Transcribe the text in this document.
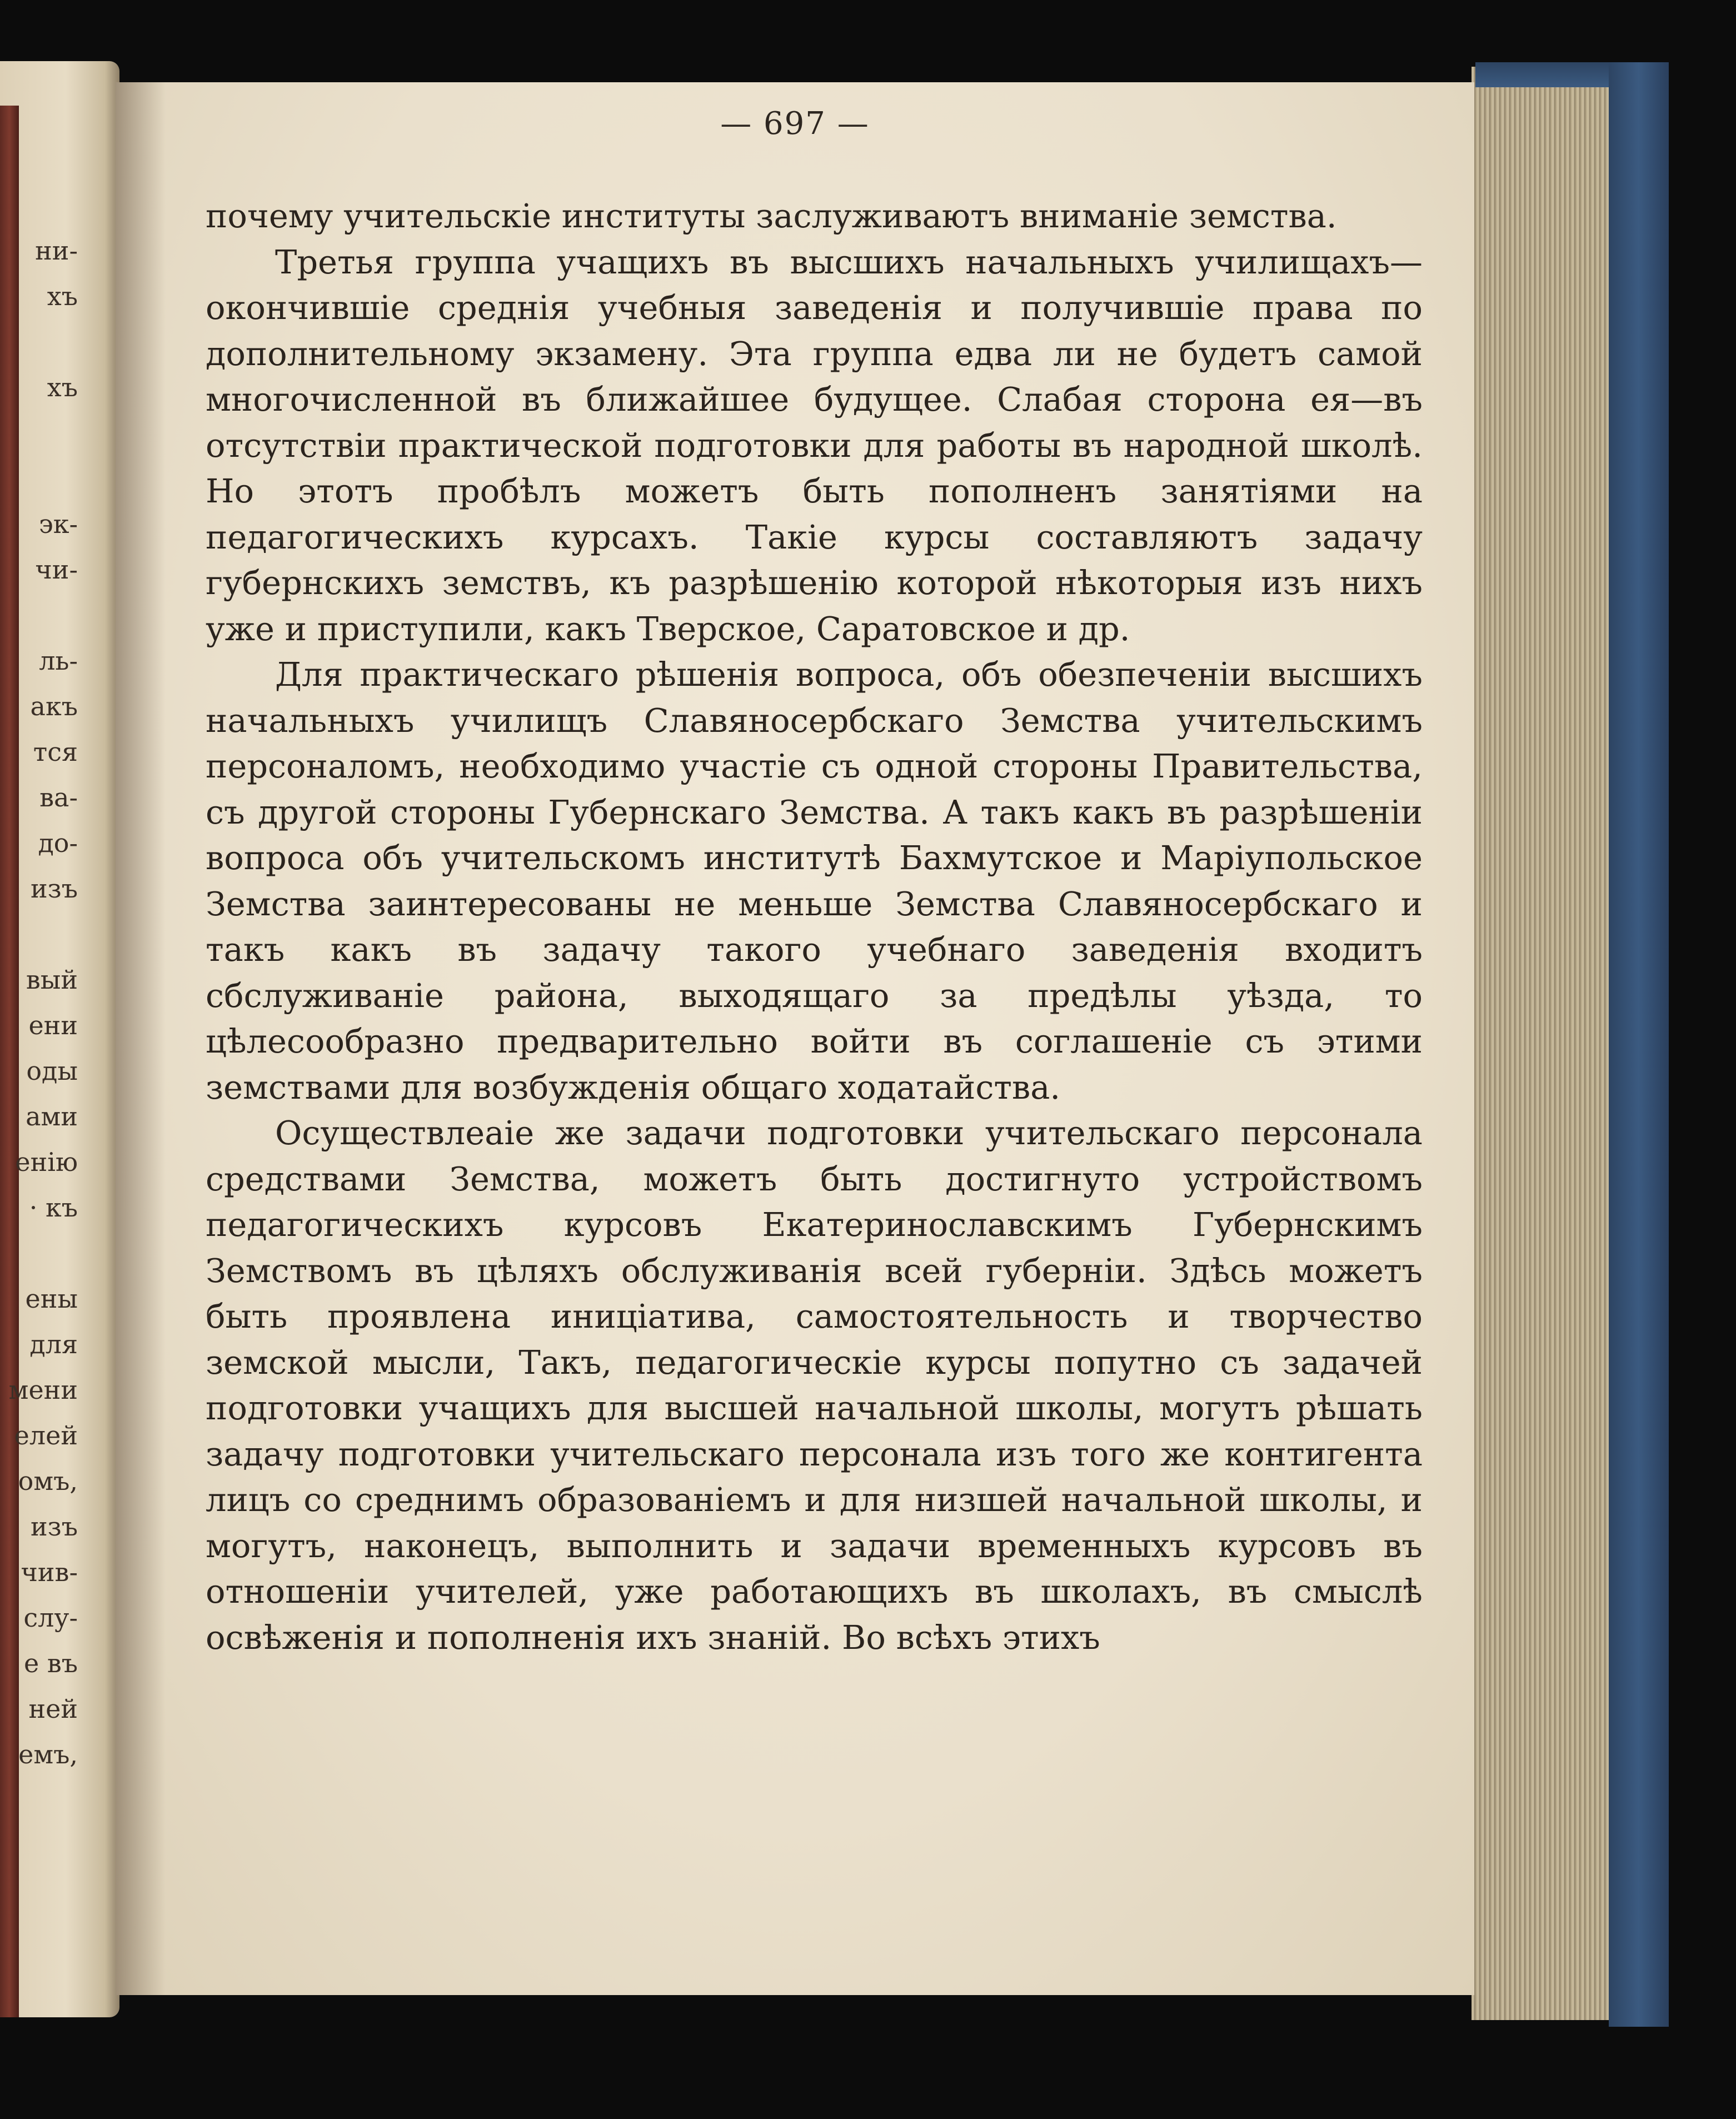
ни-
хъ
хъ
эк-
чи-
ль-
акъ
тся
ва-
до-
изъ
вый
ени
оды
ами
енію
· къ
ены
для
мени
елей
омъ,
изъ
чив-
слу-
е въ
ней
емъ,
— 697 —

почему учительскіе институты заслуживаютъ вниманіе земства.

Третья группа учащихъ въ высшихъ начальныхъ училищахъ—окончившіе среднія учебныя заведенія и получившіе права по дополнительному экзамену. Эта группа едва ли не будетъ самой многочисленной въ ближайшее будущее. Слабая сторона ея—въ отсутствіи практической подготовки для работы въ народной школѣ. Но этотъ пробѣлъ можетъ быть пополненъ занятіями на педагогическихъ курсахъ. Такіе курсы составляютъ задачу губернскихъ земствъ, къ разрѣшенію которой нѣкоторыя изъ нихъ уже и приступили, какъ Тверское, Саратовское и др.

Для практическаго рѣшенія вопроса, объ обезпеченіи высшихъ начальныхъ училищъ Славяносербскаго Земства учительскимъ персоналомъ, необходимо участіе съ одной стороны Правительства, съ другой стороны Губернскаго Земства. А такъ какъ въ разрѣшеніи вопроса объ учительскомъ институтѣ Бахмутское и Маріупольское Земства заинтересованы не меньше Земства Славяносербскаго и такъ какъ въ задачу такого учебнаго заведенія входитъ сбслуживаніе района, выходящаго за предѣлы уѣзда, то цѣлесообразно предварительно войти въ соглашеніе съ этими земствами для возбужденія общаго ходатайства.

Осуществлеаіе же задачи подготовки учительскаго персонала средствами Земства, можетъ быть достигнуто устройствомъ педагогическихъ курсовъ Екатеринославскимъ Губернскимъ Земствомъ въ цѣляхъ обслуживанія всей губерніи. Здѣсь можетъ быть проявлена иниціатива, самостоятельность и творчество земской мысли, Такъ, педагогическіе курсы попутно съ задачей подготовки учащихъ для высшей начальной школы, могутъ рѣшать задачу подготовки учительскаго персонала изъ того же контигента лицъ со среднимъ образованіемъ и для низшей начальной школы, и могутъ, наконецъ, выполнить и задачи временныхъ курсовъ въ отношеніи учителей, уже работающихъ въ школахъ, въ смыслѣ освѣженія и пополненія ихъ знаній. Во всѣхъ этихъ
